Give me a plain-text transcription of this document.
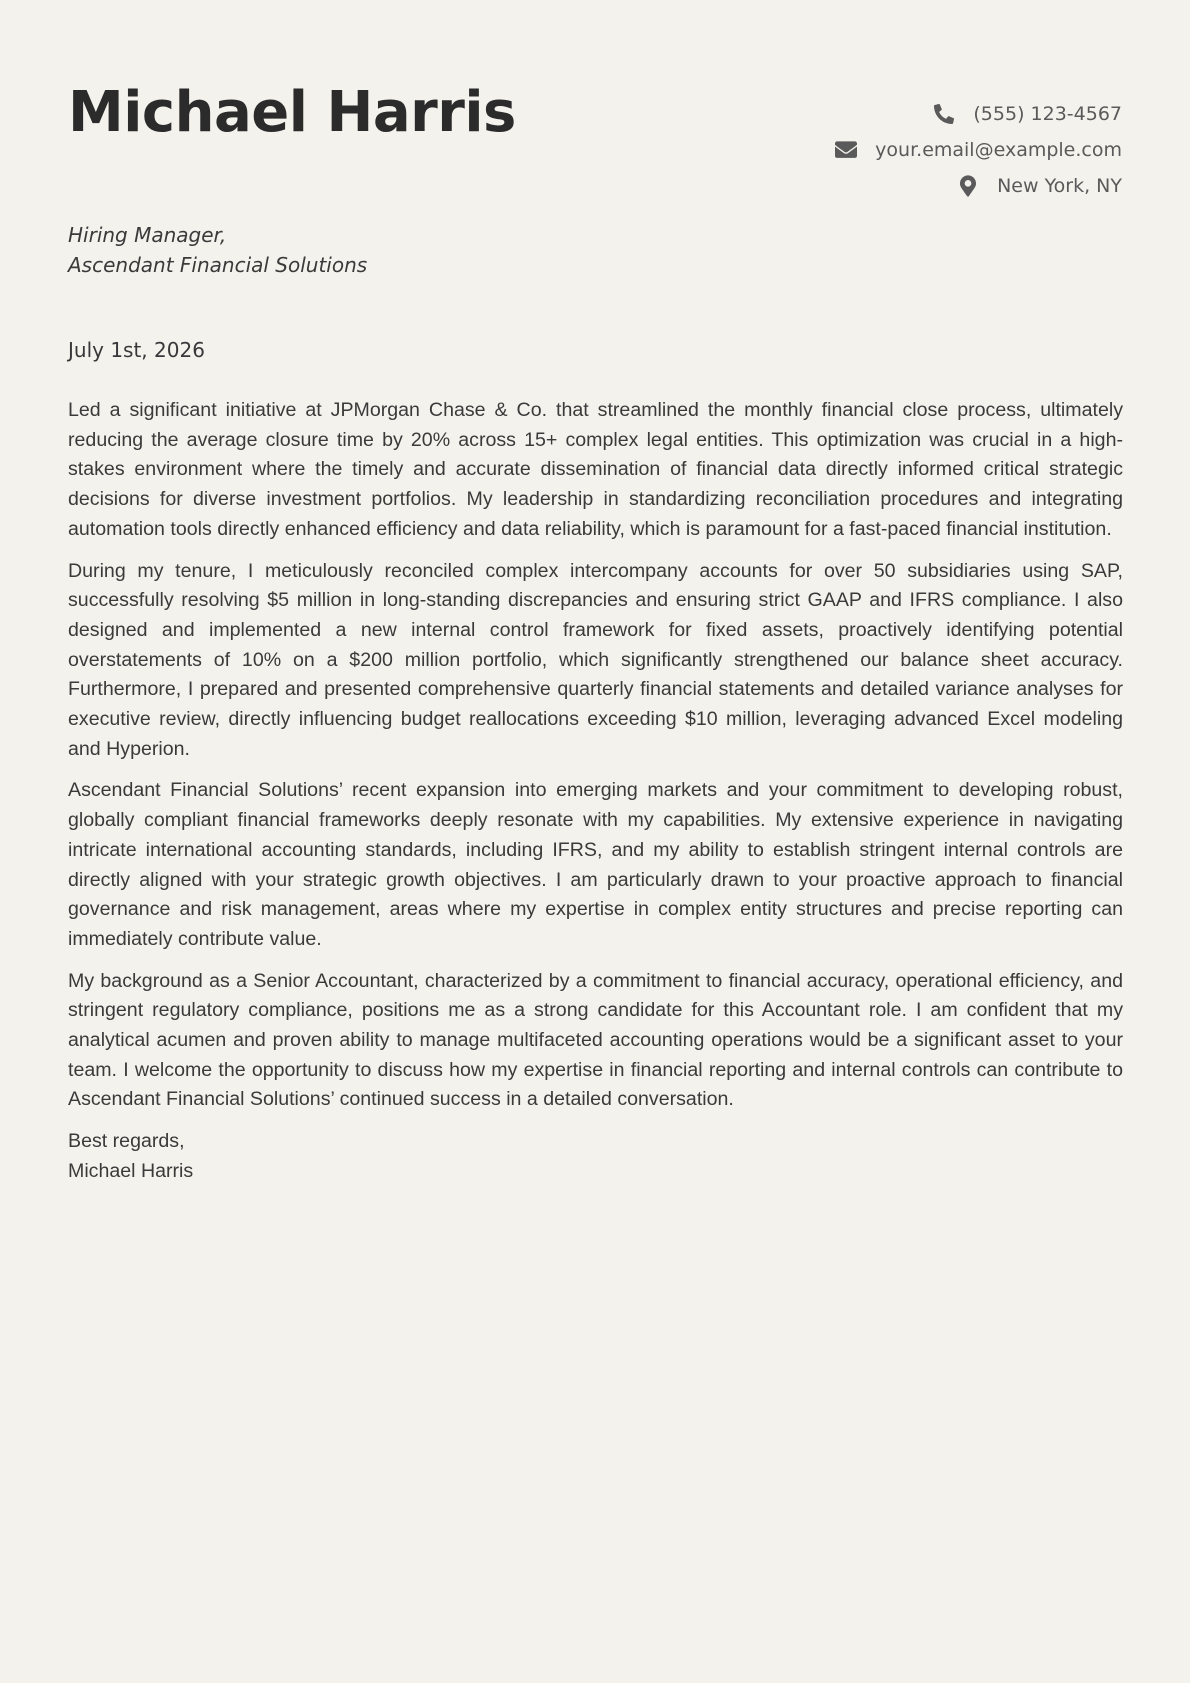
Michael Harris	(555) 123-4567
your.email@example.com
New York, NY
Hiring Manager,
Ascendant Financial Solutions
July 1st, 2026

Led a significant initiative at JPMorgan Chase & Co. that streamlined the monthly financial close process, ultimately reducing the average closure time by 20% across 15+ complex legal entities. This optimization was crucial in a high-stakes environment where the timely and accurate dissemination of financial data directly informed critical strategic decisions for diverse investment portfolios. My leadership in standardizing reconciliation procedures and integrating automation tools directly enhanced efficiency and data reliability, which is paramount for a fast-paced financial institution.

During my tenure, I meticulously reconciled complex intercompany accounts for over 50 subsidiaries using SAP, successfully resolving $5 million in long-standing discrepancies and ensuring strict GAAP and IFRS compliance. I also designed and implemented a new internal control framework for fixed assets, proactively identifying potential overstatements of 10% on a $200 million portfolio, which significantly strengthened our balance sheet accuracy. Furthermore, I prepared and presented comprehensive quarterly financial statements and detailed variance analyses for executive review, directly influencing budget reallocations exceeding $10 million, leveraging advanced Excel modeling and Hyperion.

Ascendant Financial Solutions’ recent expansion into emerging markets and your commitment to developing robust, globally compliant financial frameworks deeply resonate with my capabilities. My extensive experience in navigating intricate international accounting standards, including IFRS, and my ability to establish stringent internal controls are directly aligned with your strategic growth objectives. I am particularly drawn to your proactive approach to financial governance and risk management, areas where my expertise in complex entity structures and precise reporting can immediately contribute value.

My background as a Senior Accountant, characterized by a commitment to financial accuracy, operational efficiency, and stringent regulatory compliance, positions me as a strong candidate for this Accountant role. I am confident that my analytical acumen and proven ability to manage multifaceted accounting operations would be a significant asset to your team. I welcome the opportunity to discuss how my expertise in financial reporting and internal controls can contribute to Ascendant Financial Solutions’ continued success in a detailed conversation.

Best regards,
Michael Harris
